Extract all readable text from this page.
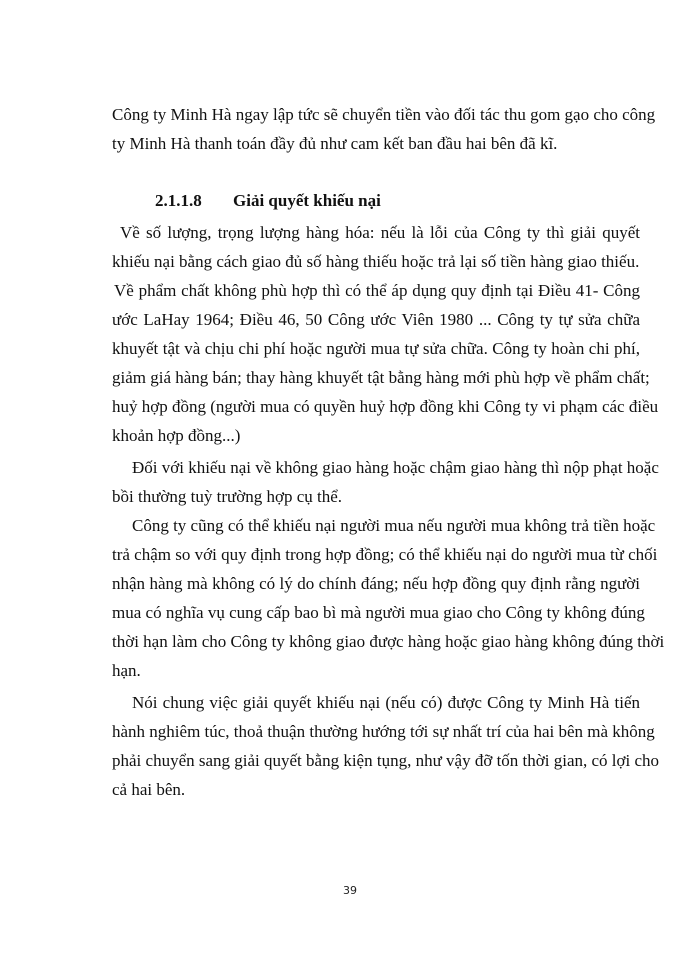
Công ty Minh Hà ngay lập tức sẽ chuyển tiền vào đối tác thu gom gạo cho công
ty Minh Hà thanh toán đầy đủ như cam kết ban đầu hai bên đã kĩ.
2.1.1.8 Giải quyết khiếu nại
Về số lượng, trọng lượng hàng hóa: nếu là lỗi của Công ty thì giải quyết
khiếu nại bằng cách giao đủ số hàng thiếu hoặc trả lại số tiền hàng giao thiếu.
Về phẩm chất không phù hợp thì có thể áp dụng quy định tại Điều 41- Công
ước LaHay 1964; Điều 46, 50 Công ước Viên 1980 ... Công ty tự sửa chữa
khuyết tật và chịu chi phí hoặc người mua tự sửa chữa. Công ty hoàn chi phí,
giảm giá hàng bán; thay hàng khuyết tật bằng hàng mới phù hợp về phẩm chất;
huỷ hợp đồng (người mua có quyền huỷ hợp đồng khi Công ty vi phạm các điều
khoản hợp đồng...)
Đối với khiếu nại về không giao hàng hoặc chậm giao hàng thì nộp phạt hoặc
bồi thường tuỳ trường hợp cụ thể.
Công ty cũng có thể khiếu nại người mua nếu người mua không trả tiền hoặc
trả chậm so với quy định trong hợp đồng; có thể khiếu nại do người mua từ chối
nhận hàng mà không có lý do chính đáng; nếu hợp đồng quy định rằng người
mua có nghĩa vụ cung cấp bao bì mà người mua giao cho Công ty không đúng
thời hạn làm cho Công ty không giao được hàng hoặc giao hàng không đúng thời
hạn.
Nói chung việc giải quyết khiếu nại (nếu có) được Công ty Minh Hà tiến
hành nghiêm túc, thoả thuận thường hướng tới sự nhất trí của hai bên mà không
phải chuyển sang giải quyết bằng kiện tụng, như vậy đỡ tốn thời gian, có lợi cho
cả hai bên.
39
